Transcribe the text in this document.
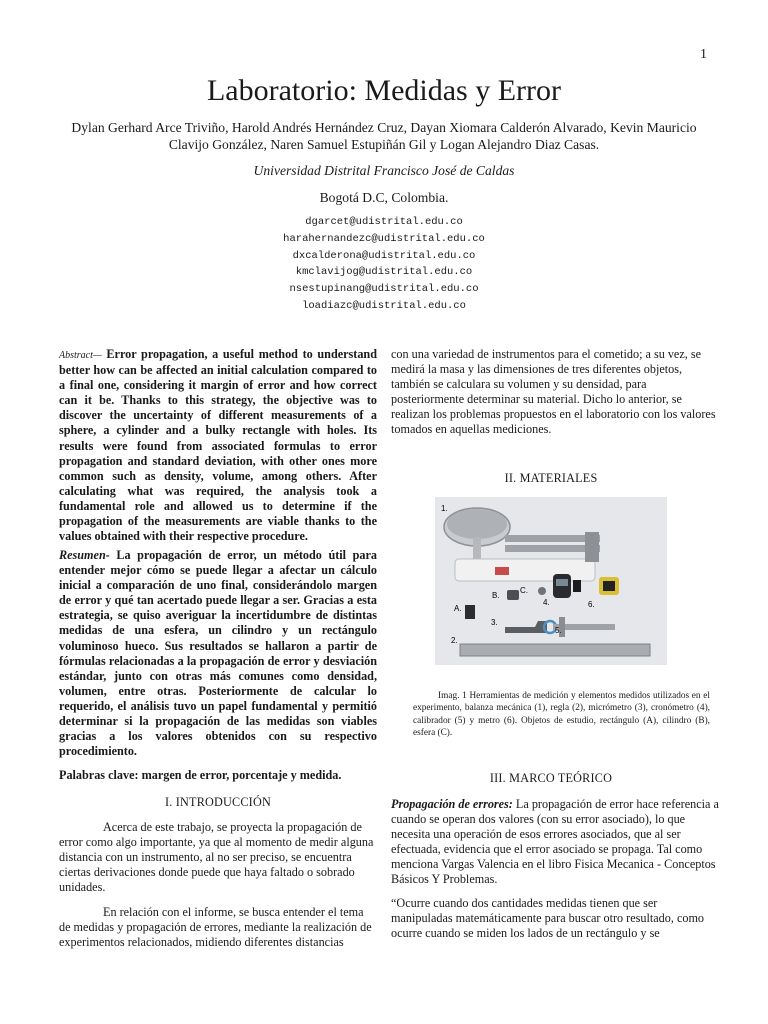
1
Laboratorio: Medidas y Error
Dylan Gerhard Arce Triviño, Harold Andrés Hernández Cruz, Dayan Xiomara Calderón Alvarado, Kevin Mauricio Clavijo González, Naren Samuel Estupiñán Gil y Logan Alejandro Diaz Casas.
Universidad Distrital Francisco José de Caldas
Bogotá D.C, Colombia.
dgarcet@udistrital.edu.co
harahernandezc@udistrital.edu.co
dxcalderona@udistrital.edu.co
kmclavijog@udistrital.edu.co
nsestupinang@udistrital.edu.co
loadiazc@udistrital.edu.co
Abstract— Error propagation, a useful method to understand better how can be affected an initial calculation compared to a final one, considering it margin of error and how correct can it be. Thanks to this strategy, the objective was to discover the uncertainty of different measurements of a sphere, a cylinder and a bulky rectangle with holes. Its results were found from associated formulas to error propagation and standard deviation, with other ones more common such as density, volume, among others. After calculating what was required, the analysis took a fundamental role and allowed us to determine if the propagation of the measurements are viable thanks to the values obtained with their respective procedure.
Resumen- La propagación de error, un método útil para entender mejor cómo se puede llegar a afectar un cálculo inicial a comparación de uno final, considerándolo margen de error y qué tan acertado puede llegar a ser. Gracias a esta estrategia, se quiso averiguar la incertidumbre de distintas medidas de una esfera, un cilindro y un rectángulo voluminoso hueco. Sus resultados se hallaron a partir de fórmulas relacionadas a la propagación de error y desviación estándar, junto con otras más comunes como densidad, volumen, entre otras. Posteriormente de calcular lo requerido, el análisis tuvo un papel fundamental y permitió determinar si la propagación de las medidas son viables gracias a los valores obtenidos con su respectivo procedimiento.
Palabras clave: margen de error, porcentaje y medida.
I. INTRODUCCIÓN
Acerca de este trabajo, se proyecta la propagación de error como algo importante, ya que al momento de medir alguna distancia con un instrumento, al no ser preciso, se encuentra ciertas derivaciones donde puede que haya faltado o sobrado unidades.
En relación con el informe, se busca entender el tema de medidas y propagación de errores, mediante la realización de experimentos relacionados, midiendo diferentes distancias
con una variedad de instrumentos para el cometido; a su vez, se medirá la masa y las dimensiones de tres diferentes objetos, también se calculara su volumen y su densidad, para posteriormente determinar su material. Dicho lo anterior, se realizan los problemas propuestos en el laboratorio con los valores tomados en aquellas mediciones.
II. MATERIALES
1.
2.
3.
4.
5.
6.
A.
B.
C.
Imag. 1 Herramientas de medición y elementos medidos utilizados en el experimento, balanza mecánica (1), regla (2), micrómetro (3), cronómetro (4), calibrador (5) y metro (6). Objetos de estudio, rectángulo (A), cilindro (B), esfera (C).
III. MARCO TEÓRICO
Propagación de errores: La propagación de error hace referencia a cuando se operan dos valores (con su error asociado), lo que necesita una operación de esos errores asociados, que al ser efectuada, evidencia que el error asociado se propaga. Tal como menciona Vargas Valencia en el libro Fisica Mecanica - Conceptos Básicos Y Problemas.
“Ocurre cuando dos cantidades medidas tienen que ser manipuladas matemáticamente para buscar otro resultado, como ocurre cuando se miden los lados de un rectángulo y se
